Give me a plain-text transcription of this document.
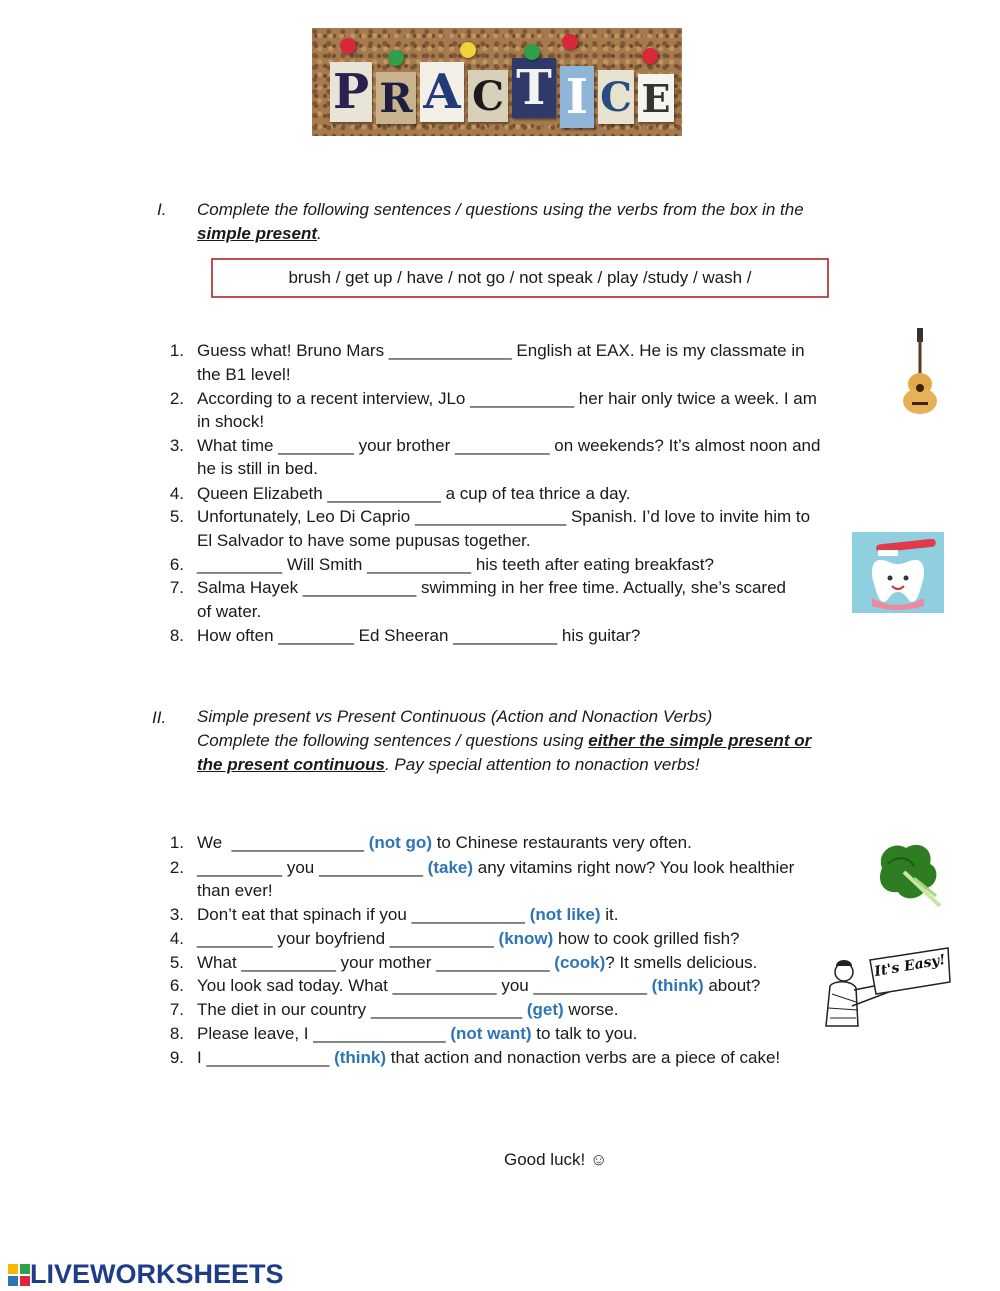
P R A C T I C E
I. Complete the following sentences / questions using the verbs from the box in the simple present.
brush / get up / have / not go / not speak / play /study / wash /
1. Guess what! Bruno Mars _____________ English at EAX. He is my classmate in
the B1 level!
2. According to a recent interview, JLo ___________ her hair only twice a week. I am
in shock!
3. What time ________ your brother __________ on weekends? It’s almost noon and
he is still in bed.
4. Queen Elizabeth ____________ a cup of tea thrice a day.
5. Unfortunately, Leo Di Caprio ________________ Spanish. I’d love to invite him to
El Salvador to have some pupusas together.
6. _________ Will Smith ___________ his teeth after eating breakfast?
7. Salma Hayek ____________ swimming in her free time. Actually, she’s scared
of water.
8. How often ________ Ed Sheeran ___________ his guitar?
II. Simple present vs Present Continuous (Action and Nonaction Verbs)
Complete the following sentences / questions using either the simple present or
the present continuous. Pay special attention to nonaction verbs!
1. We  ______________ (not go) to Chinese restaurants very often.
2. _________ you ___________ (take) any vitamins right now? You look healthier
3. Don’t eat that spinach if you ____________ (not like) it.
4. ________ your boyfriend ___________ (know) how to cook grilled fish?
5. What __________ your mother ____________ (cook)? It smells delicious.
6. You look sad today. What ___________ you ____________ (think) about?
7. The diet in our country ________________ (get) worse.
8. Please leave, I ______________ (not want) to talk to you.
9. I _____________ (think) that action and nonaction verbs are a piece of cake!
than ever!
It's Easy!
Good luck! ☺
LIVEWORKSHEETS
